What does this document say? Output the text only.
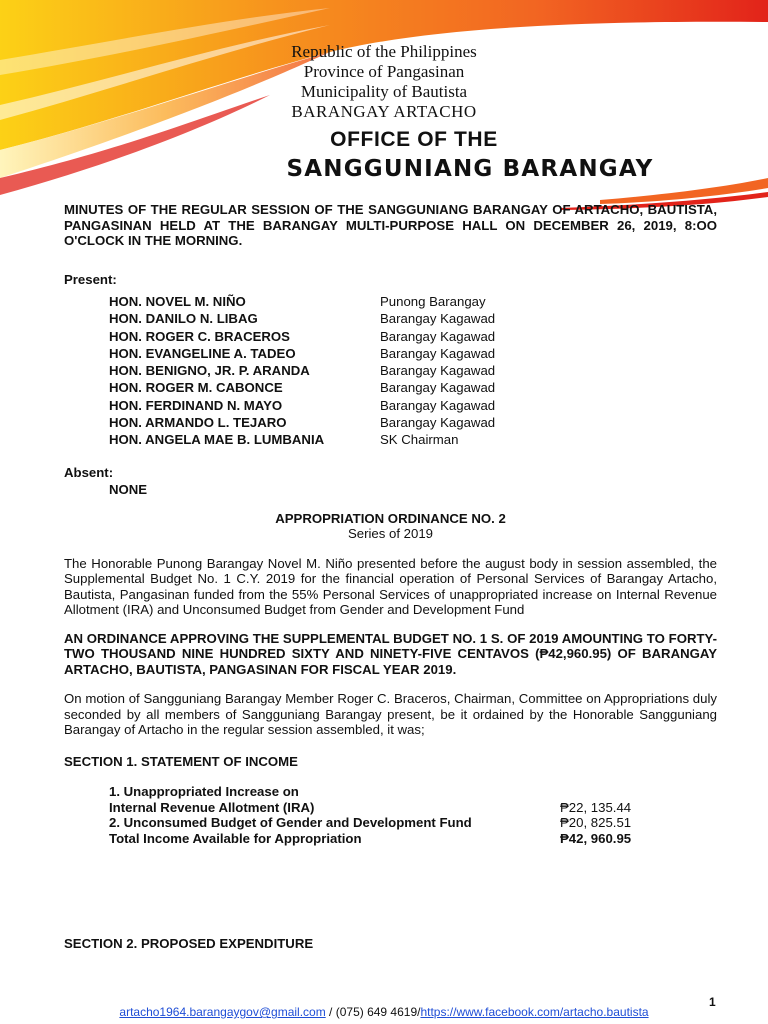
Republic of the Philippines
Province of Pangasinan
Municipality of Bautista
BARANGAY ARTACHO
OFFICE OF THE
SANGGUNIANG BARANGAY

MINUTES OF THE REGULAR SESSION OF THE SANGGUNIANG BARANGAY OF ARTACHO, BAUTISTA, PANGASINAN HELD AT THE BARANGAY MULTI-PURPOSE HALL ON DECEMBER 26, 2019, 8:OO O'CLOCK IN THE MORNING.

Present:

HON. NOVEL M. NIÑO	Punong Barangay
HON. DANILO N. LIBAG	Barangay Kagawad
HON. ROGER C. BRACEROS	Barangay Kagawad
HON. EVANGELINE A. TADEO	Barangay Kagawad
HON. BENIGNO, JR. P. ARANDA	Barangay Kagawad
HON. ROGER M. CABONCE	Barangay Kagawad
HON. FERDINAND N. MAYO	Barangay Kagawad
HON. ARMANDO L. TEJARO	Barangay Kagawad
HON. ANGELA MAE B. LUMBANIA	SK Chairman

Absent:

NONE

APPROPRIATION ORDINANCE NO. 2

Series of 2019

The Honorable Punong Barangay Novel M. Niño presented before the august body in session assembled, the Supplemental Budget No. 1 C.Y. 2019 for the financial operation of Personal Services of Barangay Artacho, Bautista, Pangasinan funded from the 55% Personal Services of unappropriated increase on Internal Revenue Allotment (IRA) and Unconsumed Budget from Gender and Development Fund

AN ORDINANCE APPROVING THE SUPPLEMENTAL BUDGET NO. 1 S. OF 2019 AMOUNTING TO FORTY-TWO THOUSAND NINE HUNDRED SIXTY AND NINETY-FIVE CENTAVOS (₱42,960.95) OF BARANGAY ARTACHO, BAUTISTA, PANGASINAN FOR FISCAL YEAR 2019.

On motion of Sangguniang Barangay Member Roger C. Braceros, Chairman, Committee on Appropriations duly seconded by all members of Sangguniang Barangay present, be it ordained by the Honorable Sangguniang Barangay of Artacho in the regular session assembled, it was;

SECTION 1. STATEMENT OF INCOME

1. Unappropriated Increase on
Internal Revenue Allotment (IRA)	₱22, 135.44
2. Unconsumed Budget of Gender and Development Fund	₱20, 825.51
Total Income Available for Appropriation	₱42, 960.95

SECTION 2. PROPOSED EXPENDITURE

1
artacho1964.barangaygov@gmail.com / (075) 649 4619/https://www.facebook.com/artacho.bautista
